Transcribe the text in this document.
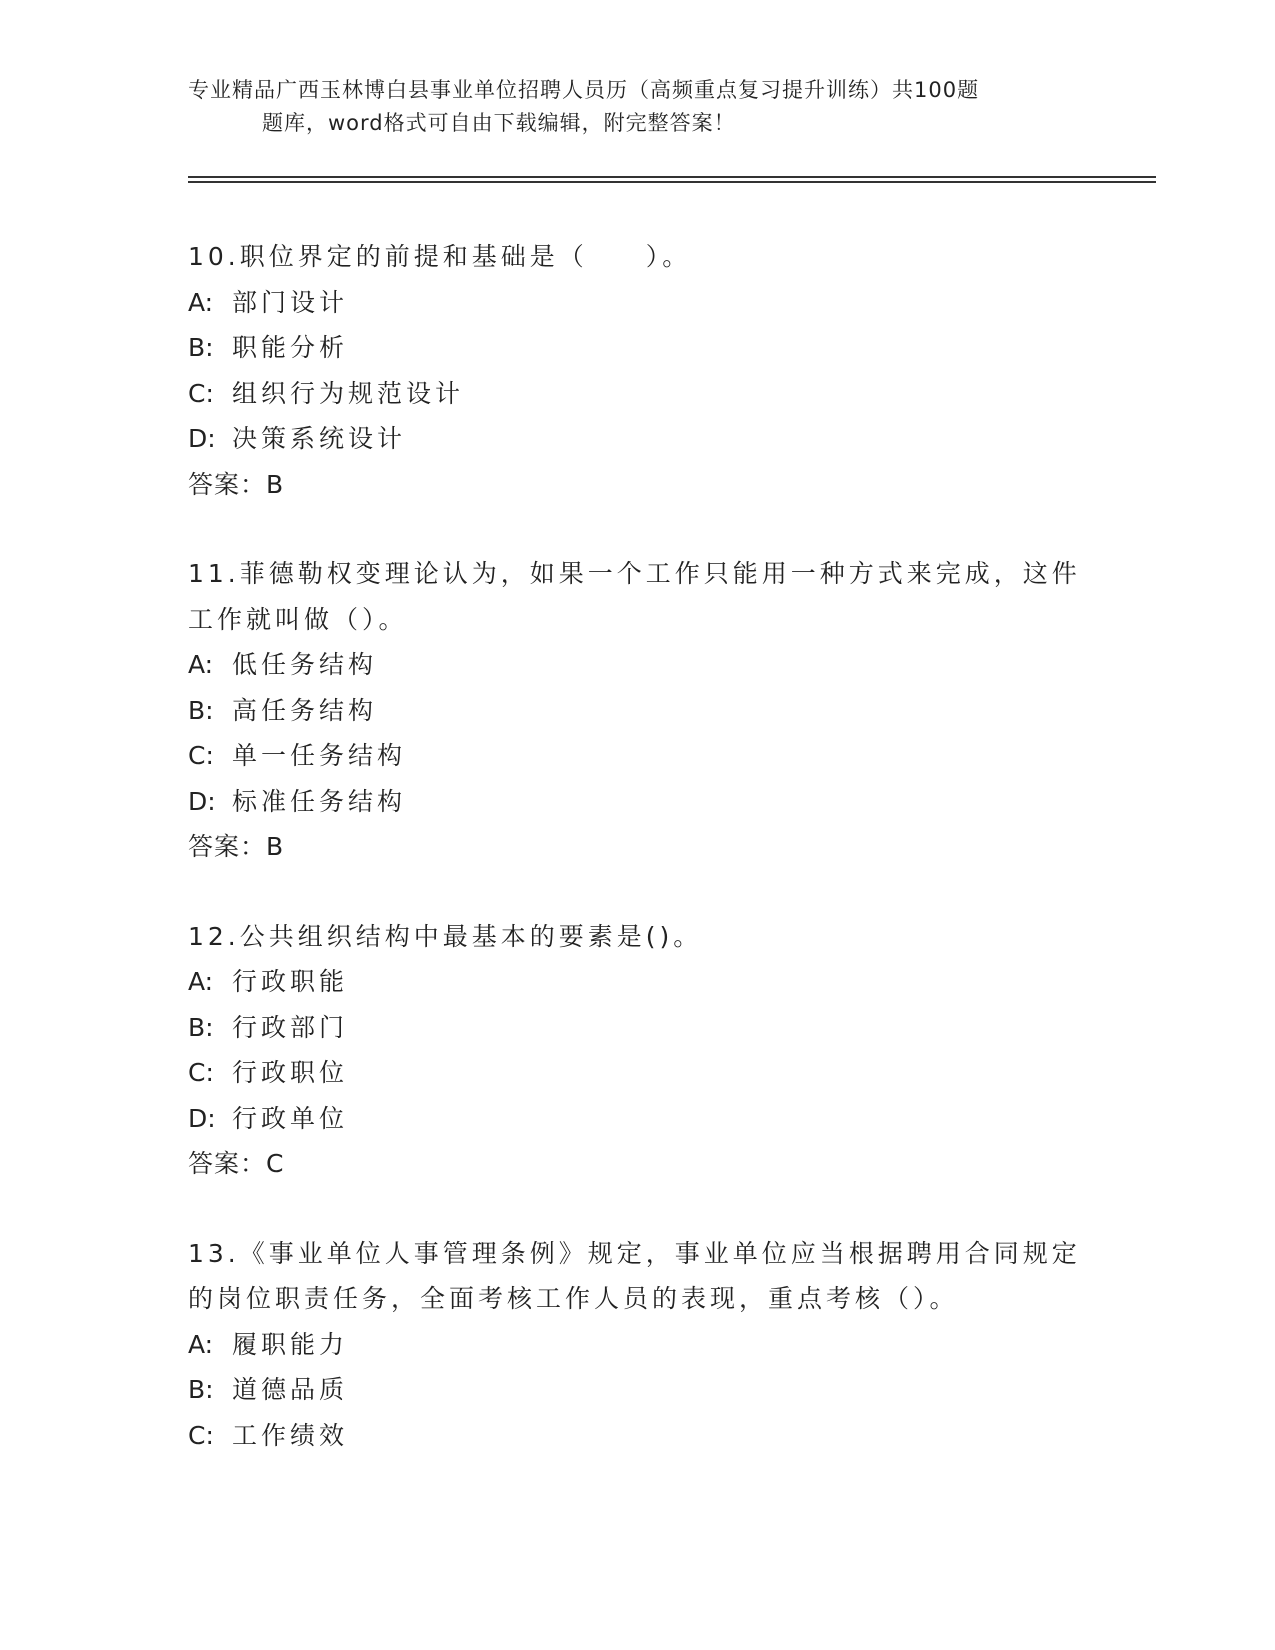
专业精品广西玉林博白县事业单位招聘人员历（高频重点复习提升训练）共100题
题库，word格式可自由下载编辑，附完整答案！
10.职位界定的前提和基础是（　　）。
A: 部门设计
B: 职能分析
C: 组织行为规范设计
D: 决策系统设计
答案：B
11.菲德勒权变理论认为，如果一个工作只能用一种方式来完成，这件
工作就叫做（）。
A: 低任务结构
B: 高任务结构
C: 单一任务结构
D: 标准任务结构
答案：B
12.公共组织结构中最基本的要素是()。
A: 行政职能
B: 行政部门
C: 行政职位
D: 行政单位
答案：C
13.《事业单位人事管理条例》规定，事业单位应当根据聘用合同规定
的岗位职责任务，全面考核工作人员的表现，重点考核（）。
A: 履职能力
B: 道德品质
C: 工作绩效
